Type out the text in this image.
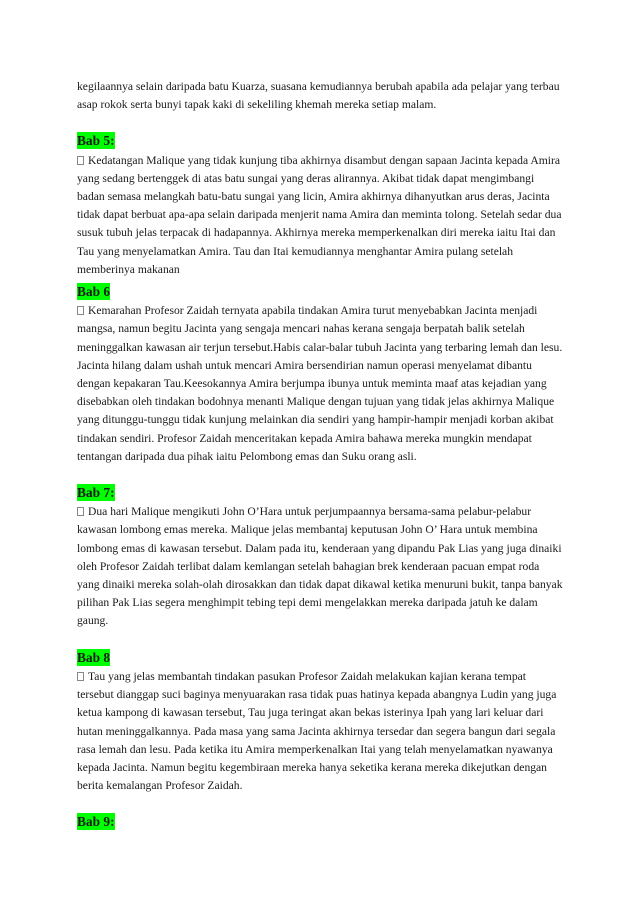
kegilaannya selain daripada batu Kuarza, suasana kemudiannya berubah apabila ada pelajar yang terbau asap rokok serta bunyi tapak kaki di sekeliling khemah mereka setiap malam.

Bab 5:

Kedatangan Malique yang tidak kunjung tiba akhirnya disambut dengan sapaan Jacinta kepada Amira yang sedang bertenggek di atas batu sungai yang deras alirannya. Akibat tidak dapat mengimbangi badan semasa melangkah batu-batu sungai yang licin, Amira akhirnya dihanyutkan arus deras, Jacinta tidak dapat berbuat apa-apa selain daripada menjerit nama Amira dan meminta tolong. Setelah sedar dua susuk tubuh jelas terpacak di hadapannya. Akhirnya mereka memperkenalkan diri mereka iaitu Itai dan Tau yang menyelamatkan Amira. Tau dan Itai kemudiannya menghantar Amira pulang setelah memberinya makanan

Bab 6

Kemarahan Profesor Zaidah ternyata apabila tindakan Amira turut menyebabkan Jacinta menjadi mangsa, namun begitu Jacinta yang sengaja mencari nahas kerana sengaja berpatah balik setelah meninggalkan kawasan air terjun tersebut.Habis calar-balar tubuh Jacinta yang terbaring lemah dan lesu. Jacinta hilang dalam ushah untuk mencari Amira bersendirian namun operasi menyelamat dibantu dengan kepakaran Tau.Keesokannya Amira berjumpa ibunya untuk meminta maaf atas kejadian yang disebabkan oleh tindakan bodohnya menanti Malique dengan tujuan yang tidak jelas akhirnya Malique yang ditunggu-tunggu tidak kunjung melainkan dia sendiri yang hampir-hampir menjadi korban akibat tindakan sendiri. Profesor Zaidah menceritakan kepada Amira bahawa mereka mungkin mendapat tentangan daripada dua pihak iaitu Pelombong emas dan Suku orang asli.

Bab 7:

Dua hari Malique mengikuti John O’Hara untuk perjumpaannya bersama-sama pelabur-pelabur kawasan lombong emas mereka. Malique jelas membantaj keputusan John O’ Hara untuk membina lombong emas di kawasan tersebut. Dalam pada itu, kenderaan yang dipandu Pak Lias yang juga dinaiki oleh Profesor Zaidah terlibat dalam kemlangan setelah bahagian brek kenderaan pacuan empat roda yang dinaiki mereka solah-olah dirosakkan dan tidak dapat dikawal ketika menuruni bukit, tanpa banyak pilihan Pak Lias segera menghimpit tebing tepi demi mengelakkan mereka daripada jatuh ke dalam gaung.

Bab 8

Tau yang jelas membantah tindakan pasukan Profesor Zaidah melakukan kajian kerana tempat tersebut dianggap suci baginya menyuarakan rasa tidak puas hatinya kepada abangnya Ludin yang juga ketua kampong di kawasan tersebut, Tau juga teringat akan bekas isterinya Ipah yang lari keluar dari hutan meninggalkannya. Pada masa yang sama Jacinta akhirnya tersedar dan segera bangun dari segala rasa lemah dan lesu. Pada ketika itu Amira memperkenalkan Itai yang telah menyelamatkan nyawanya kepada Jacinta. Namun begitu kegembiraan mereka hanya seketika kerana mereka dikejutkan dengan berita kemalangan Profesor Zaidah.

Bab 9:
